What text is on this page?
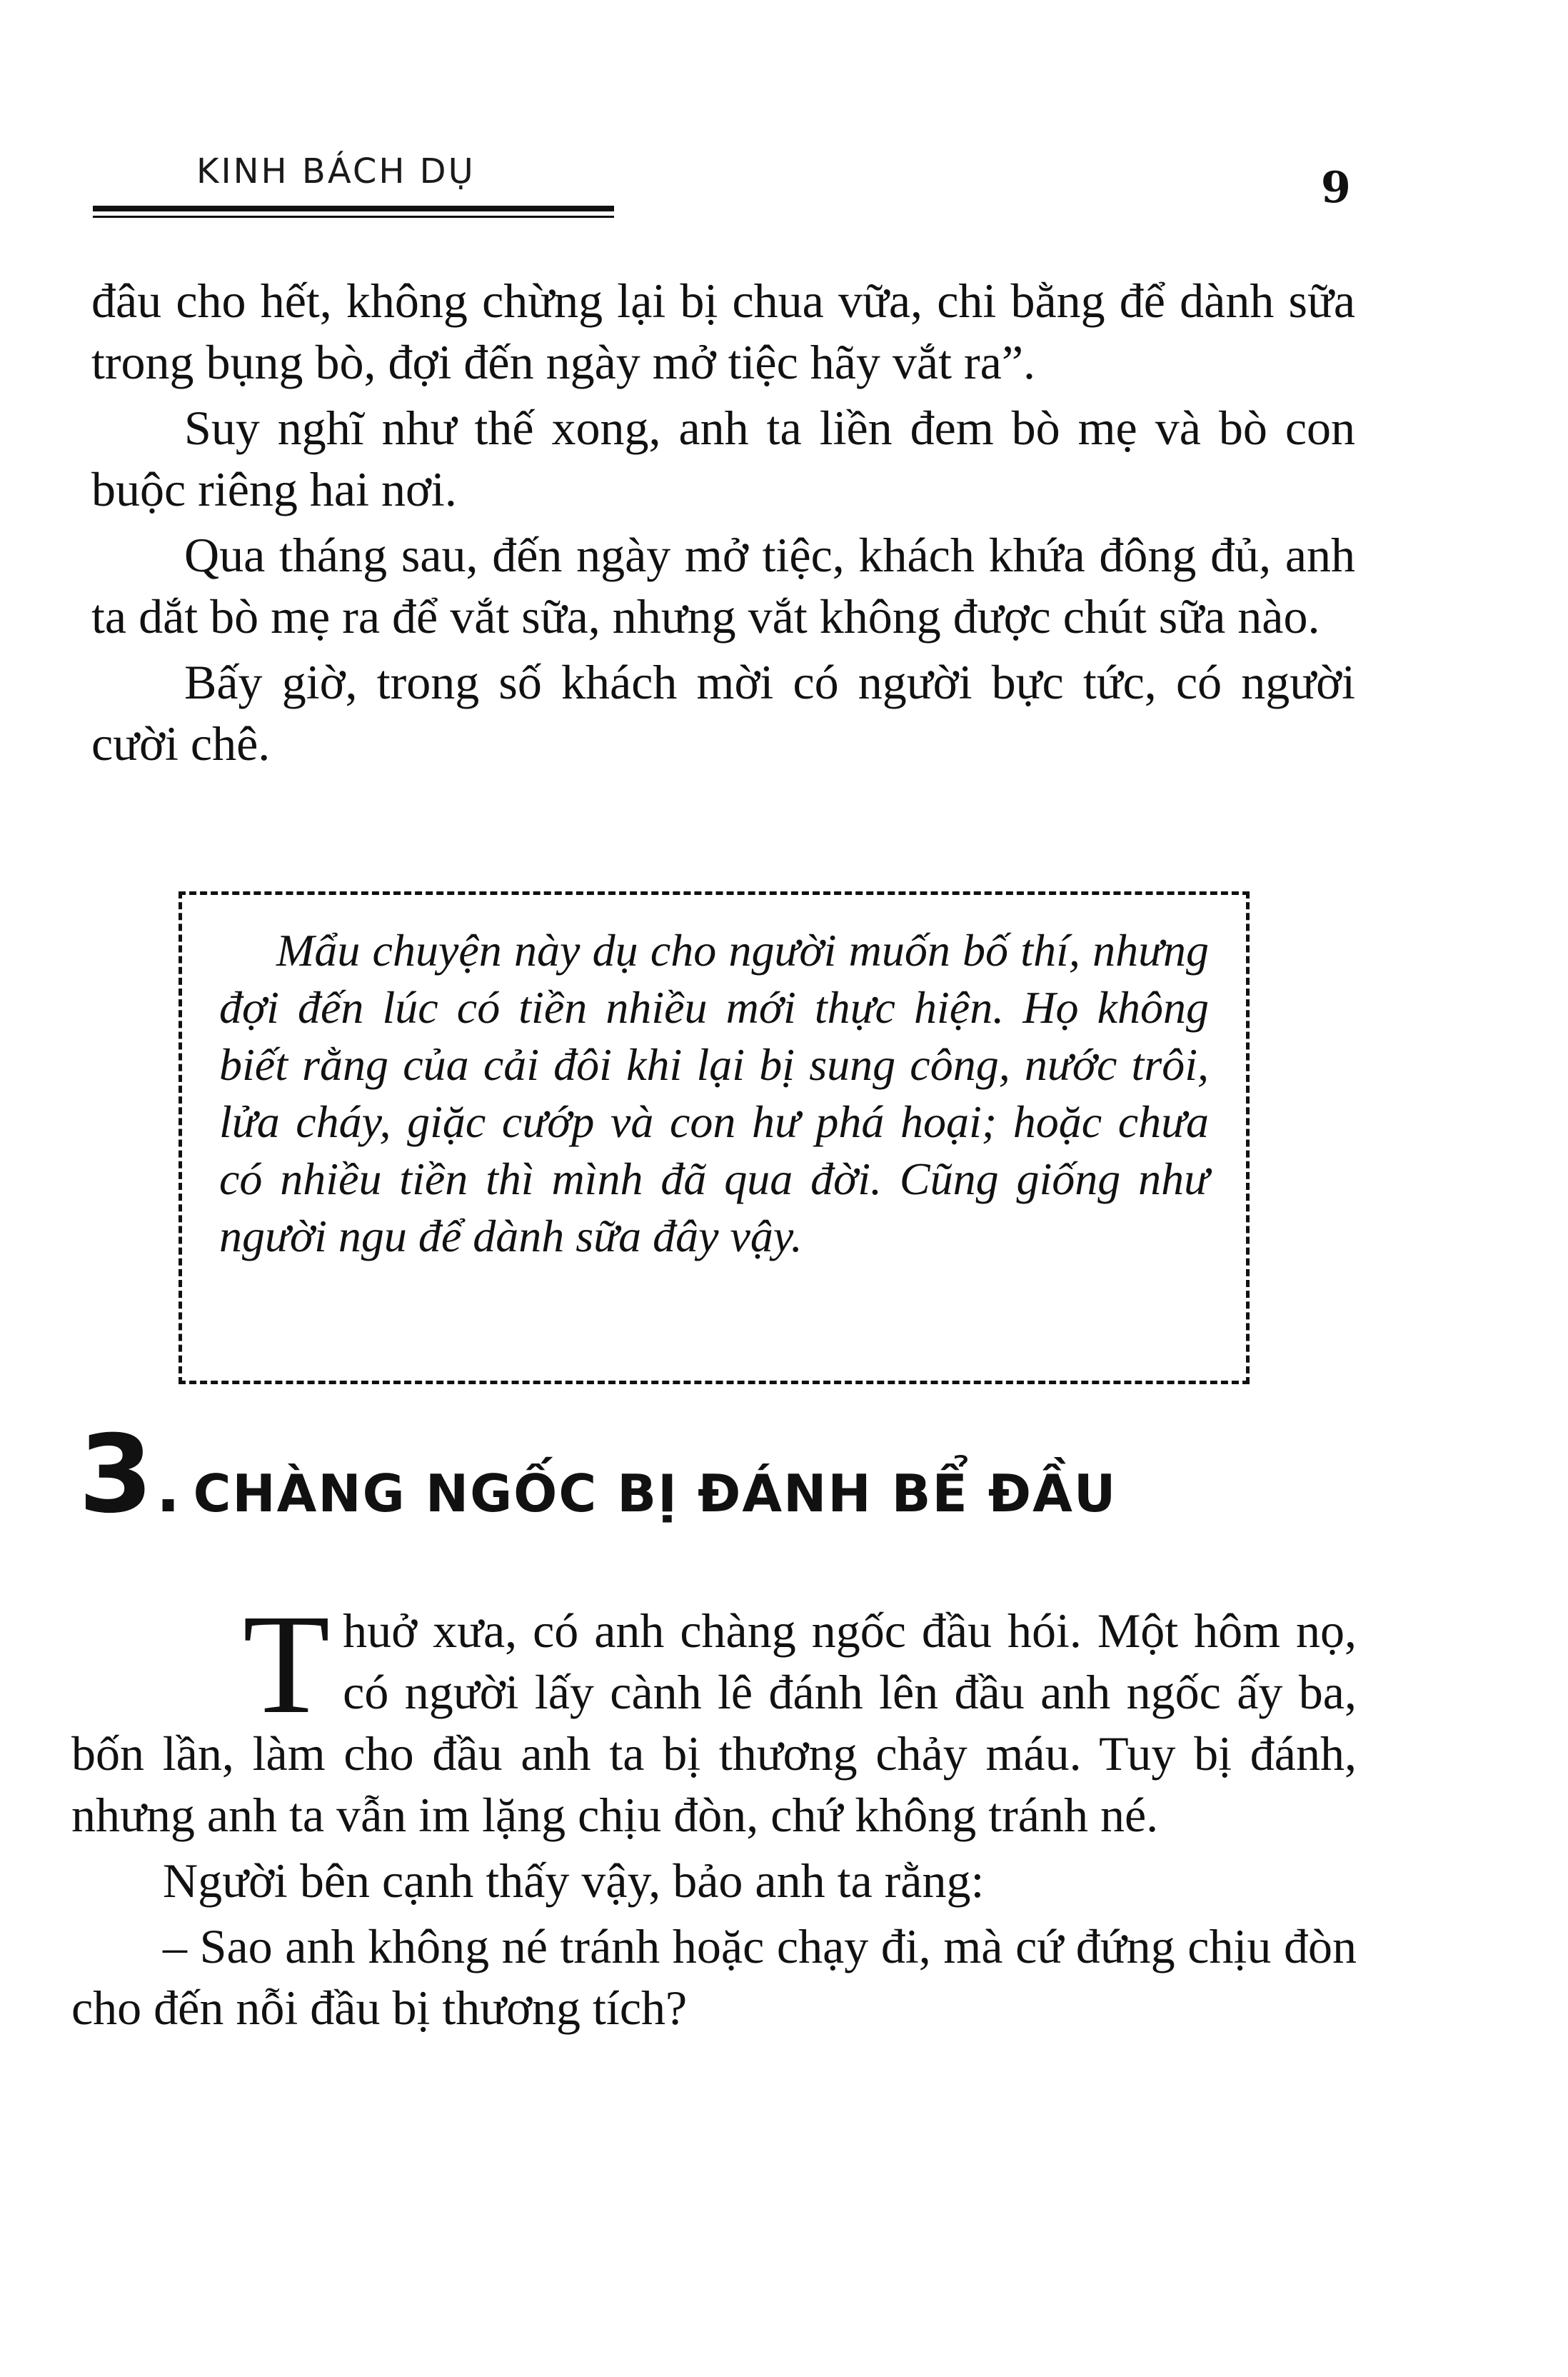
KINH BÁCH DỤ	9

đâu cho hết, không chừng lại bị chua vữa, chi bằng để dành sữa trong bụng bò, đợi đến ngày mở tiệc hãy vắt ra”.

Suy nghĩ như thế xong, anh ta liền đem bò mẹ và bò con buộc riêng hai nơi.

Qua tháng sau, đến ngày mở tiệc, khách khứa đông đủ, anh ta dắt bò mẹ ra để vắt sữa, nhưng vắt không được chút sữa nào.

Bấy giờ, trong số khách mời có người bực tức, có người cười chê.

Mẩu chuyện này dụ cho người muốn bố thí, nhưng đợi đến lúc có tiền nhiều mới thực hiện. Họ không biết rằng của cải đôi khi lại bị sung công, nước trôi, lửa cháy, giặc cướp và con hư phá hoại; hoặc chưa có nhiều tiền thì mình đã qua đời. Cũng giống như người ngu để dành sữa đây vậy.

3 . CHÀNG NGỐC BỊ ĐÁNH BỂ ĐẦU

Thuở xưa, có anh chàng ngốc đầu hói. Một hôm nọ, có người lấy cành lê đánh lên đầu anh ngốc ấy ba, bốn lần, làm cho đầu anh ta bị thương chảy máu. Tuy bị đánh, nhưng anh ta vẫn im lặng chịu đòn, chứ không tránh né.

Người bên cạnh thấy vậy, bảo anh ta rằng:

– Sao anh không né tránh hoặc chạy đi, mà cứ đứng chịu đòn cho đến nỗi đầu bị thương tích?
